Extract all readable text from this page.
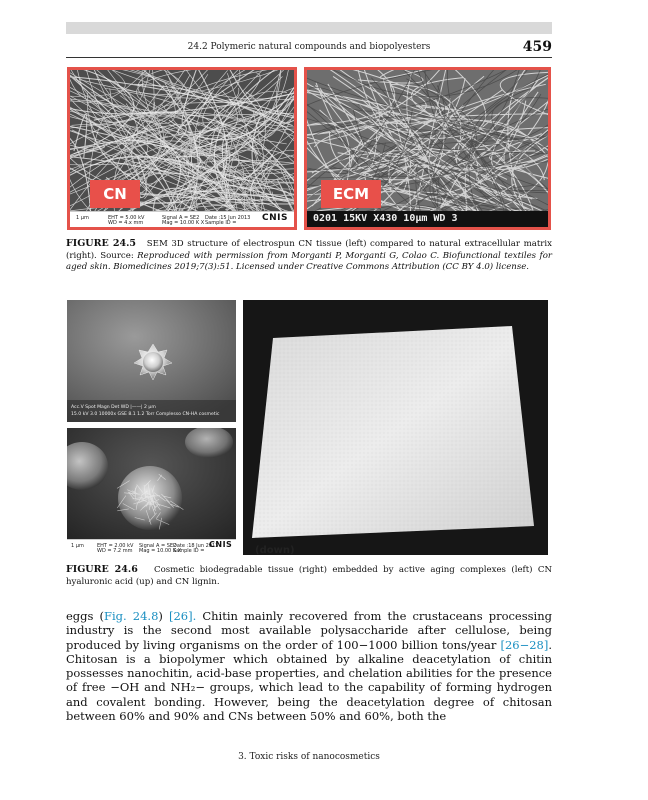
24.2 Polymeric natural compounds and biopolyesters	459
CN
1 μm	EHT = 5.00 kV
WD = 4.x mm
Signal A = SE2
Mag = 10.00 K X
Date :15 Jun 2013
Sample ID =	CNIS
ECM
0201 15KV X430 10μm WD 3
FIGURE 24.5 SEM 3D structure of electrospun CN tissue (left) compared to natural extracellular matrix (right). Source: Reproduced with permission from Morganti P, Morganti G, Colao C. Biofunctional textiles for aged skin. Biomedicines 2019;7(3):51. Licensed under Creative Commons Attribution (CC BY 4.0) license.
Acc.V Spot Magn Det WD |——| 2 μm
15.0 kV 3.0 10000x GSE 8.1 1.2 Torr Complesso CN-HA cosmetic
1 μm	EHT = 2.00 kV
WD = 7.2 mm
Signal A = SE2
Mag = 10.00 K X
Date :18 Jun 2013
Sample ID =
CNIS
(down)
FIGURE 24.6 Cosmetic biodegradable tissue (right) embedded by active aging complexes (left) CN hyaluronic acid (up) and CN lignin.
eggs (Fig. 24.8) [26]. Chitin mainly recovered from the crustaceans processing industry is the second most available polysaccharide after cellulose, being produced by living organisms on the order of 100−1000 billion tons/year [26−28]. Chitosan is a biopolymer which obtained by alkaline deacetylation of chitin possesses nanochitin, acid-base properties, and chelation abilities for the presence of free −OH and NH₂− groups, which lead to the capability of forming hydrogen and covalent bonding. However, being the deacetylation degree of chitosan between 60% and 90% and CNs between 50% and 60%, both the
3. Toxic risks of nanocosmetics
